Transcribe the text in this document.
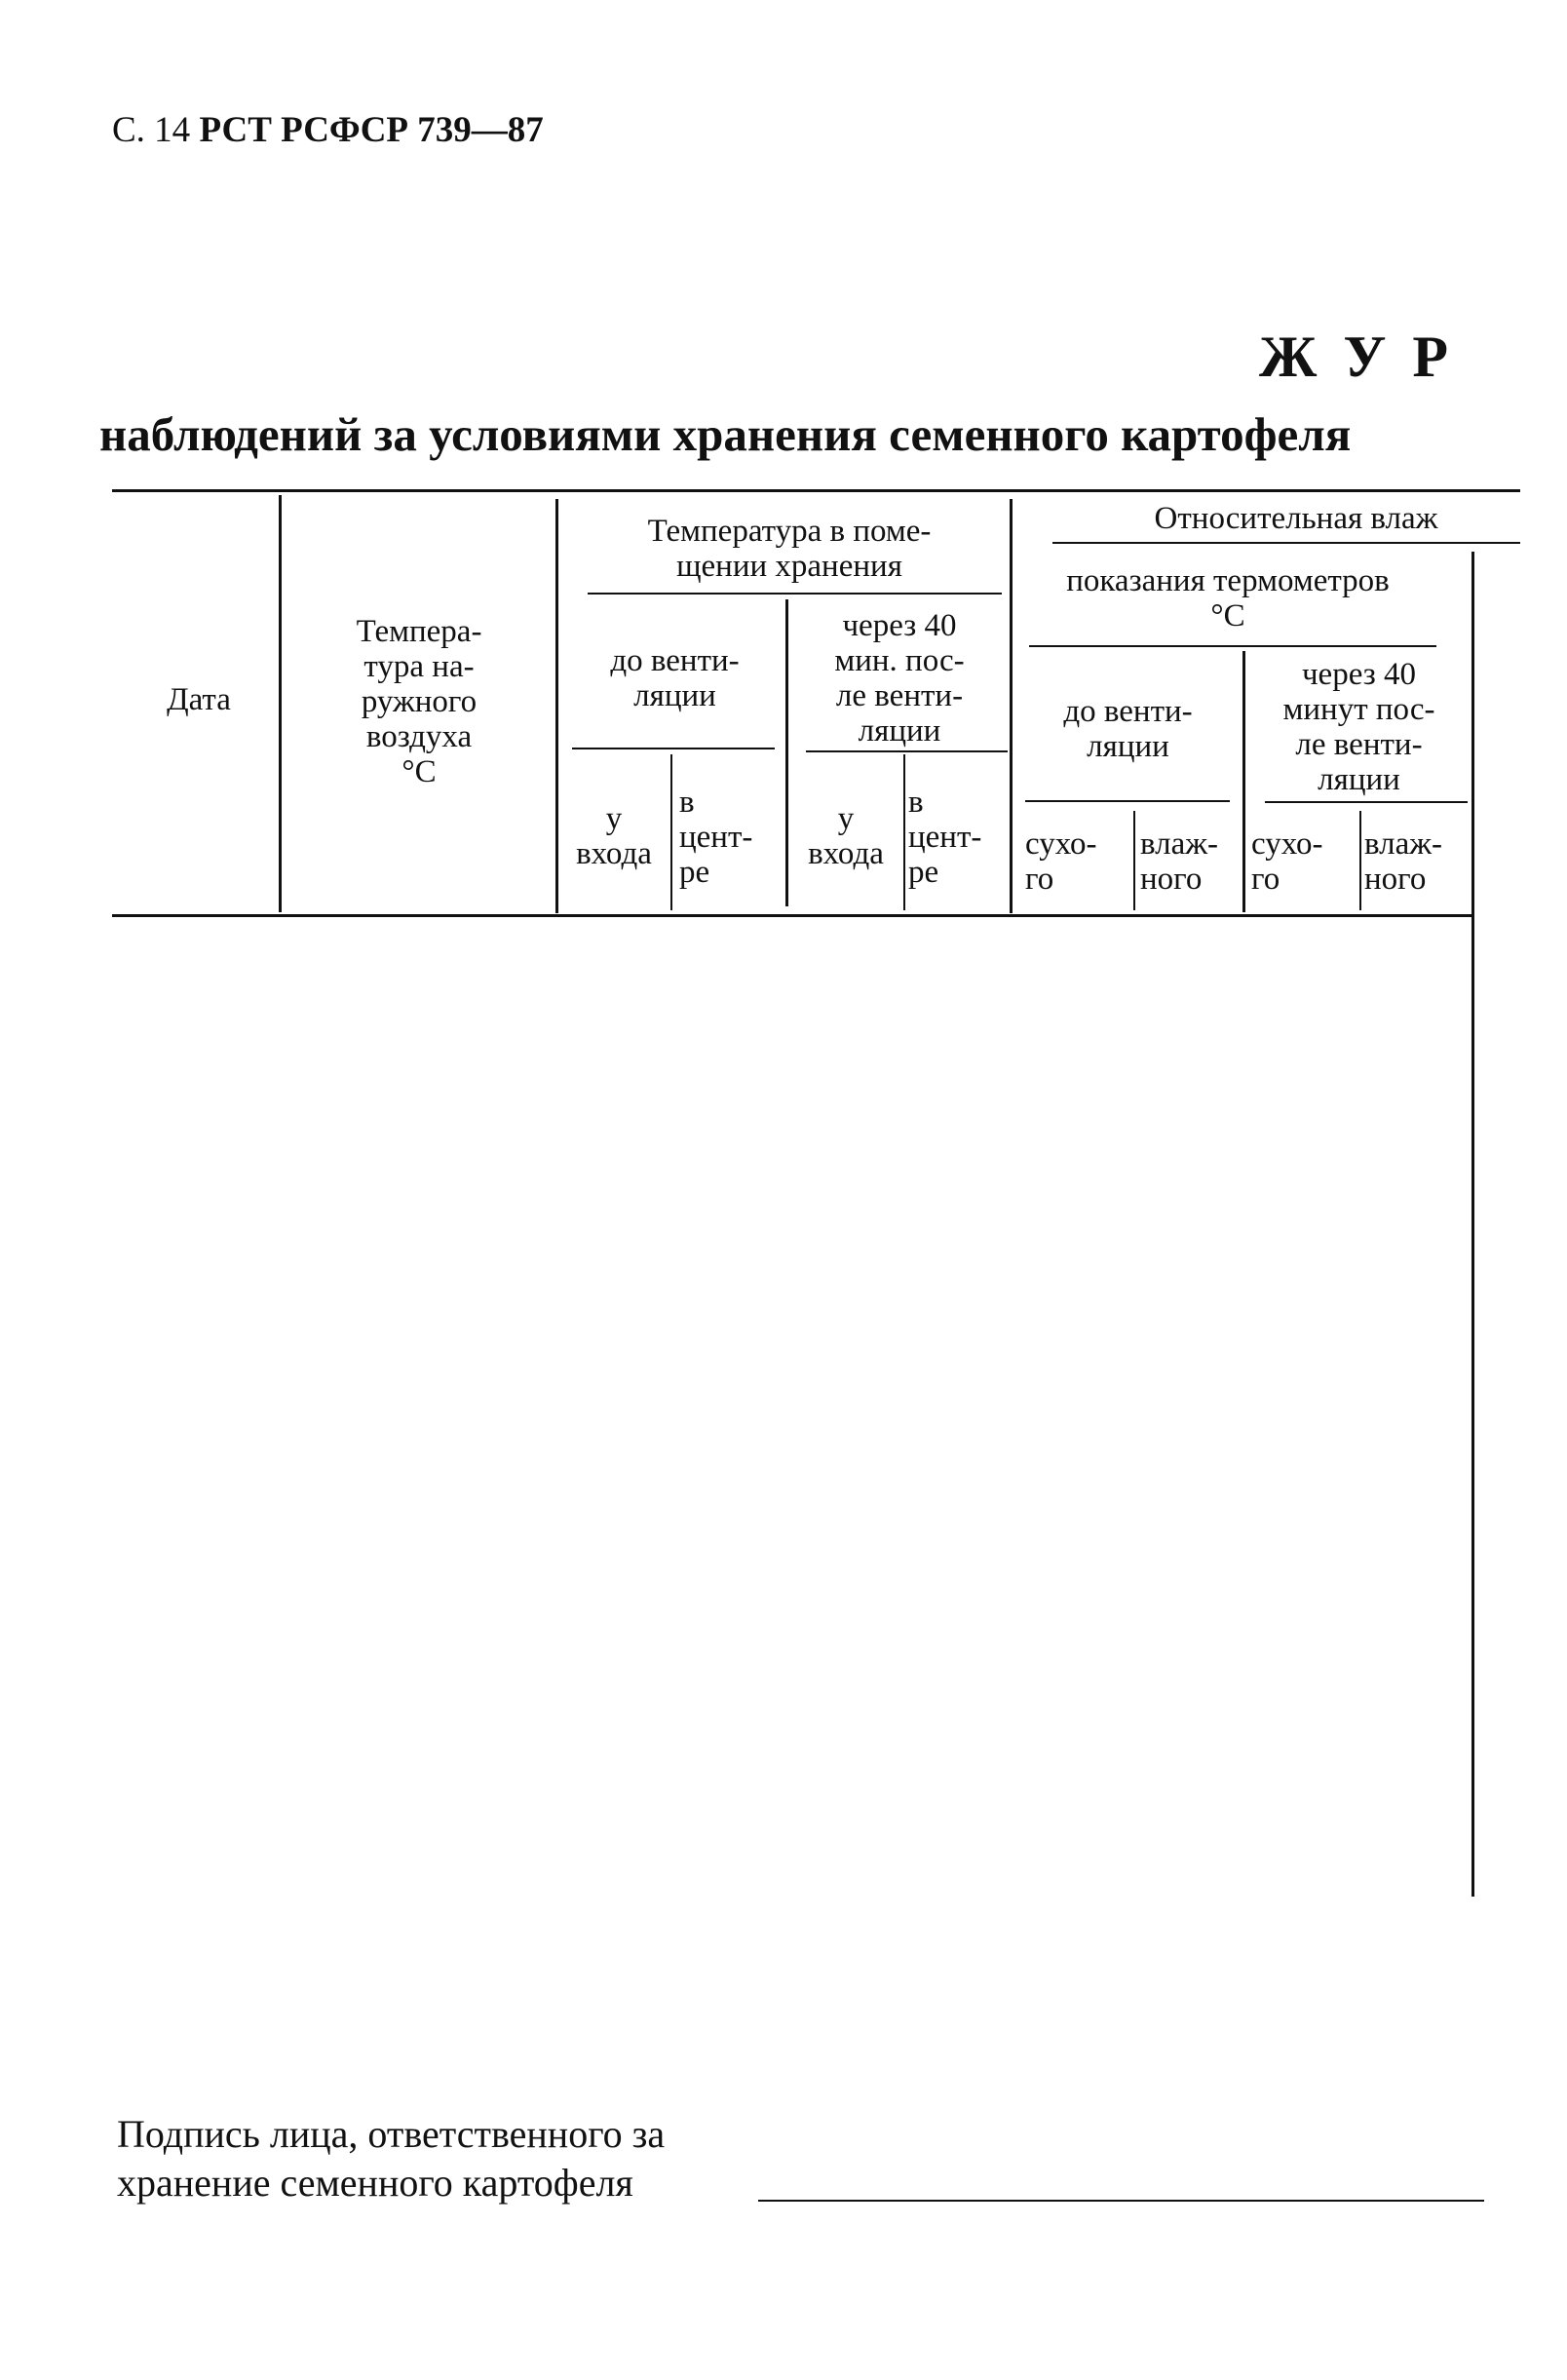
С. 14 РСТ РСФСР 739—87
Ж У Р
наблюдений за условиями хранения семенного картофеля
Дата
Темпера-
тура на-
ружного
воздуха
°С
Температура в поме-
щении хранения
до венти-
ляции
через 40
мин. пос-
ле венти-
ляции
у
входа
в
цент-
ре
у
входа
в
цент-
ре
Относительная влаж
показания термометров
°С
до венти-
ляции
через 40
минут пос-
ле венти-
ляции
сухо-
го
влаж-
ного
сухо-
го
влаж-
ного
Подпись лица, ответственного за
хранение семенного картофеля
